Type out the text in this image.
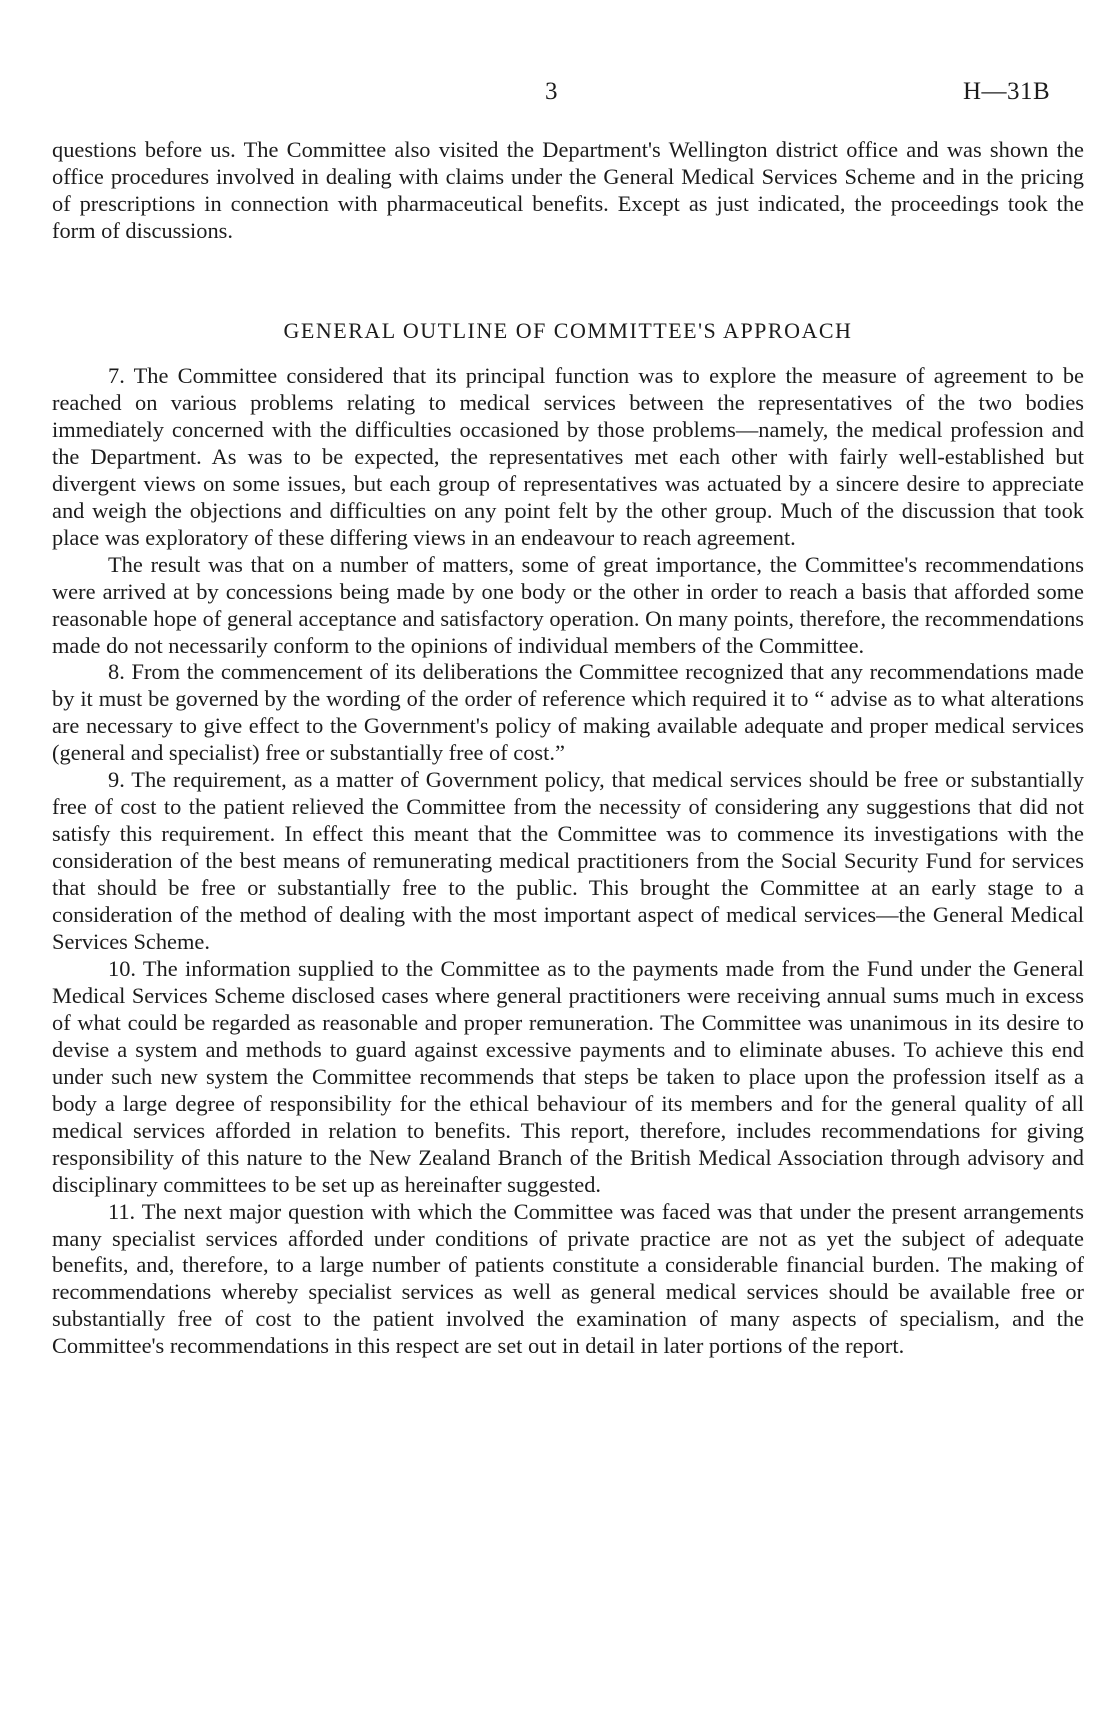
3	H—31B

questions before us. The Committee also visited the Department's Wellington district office and was shown the office procedures involved in dealing with claims under the General Medical Services Scheme and in the pricing of prescriptions in connection with pharmaceutical benefits. Except as just indicated, the proceedings took the form of discussions.

GENERAL OUTLINE OF COMMITTEE'S APPROACH

7. The Committee considered that its principal function was to explore the measure of agreement to be reached on various problems relating to medical services between the representatives of the two bodies immediately concerned with the difficulties occasioned by those problems—namely, the medical profession and the Department. As was to be expected, the representatives met each other with fairly well-established but divergent views on some issues, but each group of representatives was actuated by a sincere desire to appreciate and weigh the objections and difficulties on any point felt by the other group. Much of the discussion that took place was exploratory of these differing views in an endeavour to reach agreement.

The result was that on a number of matters, some of great importance, the Committee's recommendations were arrived at by concessions being made by one body or the other in order to reach a basis that afforded some reasonable hope of general acceptance and satisfactory operation. On many points, therefore, the recommendations made do not necessarily conform to the opinions of individual members of the Committee.

8. From the commencement of its deliberations the Committee recognized that any recommendations made by it must be governed by the wording of the order of reference which required it to “ advise as to what alterations are necessary to give effect to the Government's policy of making available adequate and proper medical services (general and specialist) free or substantially free of cost.”

9. The requirement, as a matter of Government policy, that medical services should be free or substantially free of cost to the patient relieved the Committee from the necessity of considering any suggestions that did not satisfy this requirement. In effect this meant that the Committee was to commence its investigations with the consideration of the best means of remunerating medical practitioners from the Social Security Fund for services that should be free or substantially free to the public. This brought the Committee at an early stage to a consideration of the method of dealing with the most important aspect of medical services—the General Medical Services Scheme.

10. The information supplied to the Committee as to the payments made from the Fund under the General Medical Services Scheme disclosed cases where general practitioners were receiving annual sums much in excess of what could be regarded as reasonable and proper remuneration. The Committee was unanimous in its desire to devise a system and methods to guard against excessive payments and to eliminate abuses. To achieve this end under such new system the Committee recommends that steps be taken to place upon the profession itself as a body a large degree of responsibility for the ethical behaviour of its members and for the general quality of all medical services afforded in relation to benefits. This report, therefore, includes recommendations for giving responsibility of this nature to the New Zealand Branch of the British Medical Association through advisory and disciplinary committees to be set up as hereinafter suggested.

11. The next major question with which the Committee was faced was that under the present arrangements many specialist services afforded under conditions of private practice are not as yet the subject of adequate benefits, and, therefore, to a large number of patients constitute a considerable financial burden. The making of recommendations whereby specialist services as well as general medical services should be available free or substantially free of cost to the patient involved the examination of many aspects of specialism, and the Committee's recommendations in this respect are set out in detail in later portions of the report.
